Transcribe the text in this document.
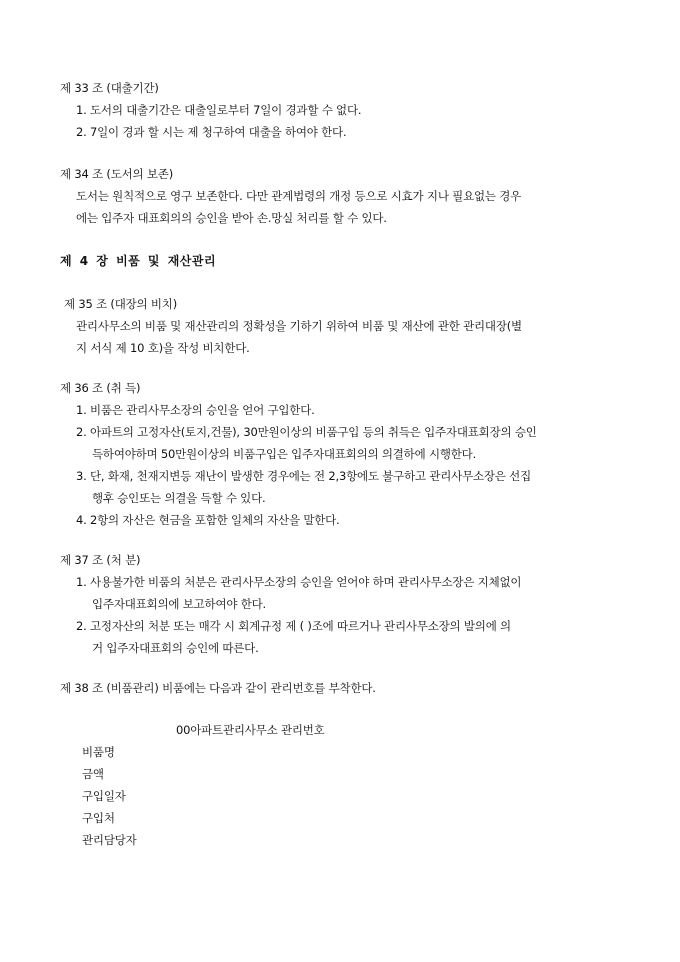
제 33 조 (대출기간)
1. 도서의 대출기간은 대출일로부터 7일이 경과할 수 없다.
2. 7일이 경과 할 시는 제 청구하여 대출을 하여야 한다.
제 34 조 (도서의 보존)
도서는 원칙적으로 영구 보존한다. 다만 관계법령의 개정 등으로 시효가 지나 필요없는 경우
에는 입주자 대표회의의 승인을 받아 손.망실 처리를 할 수 있다.
제 4 장 비품 및 재산관리
제 35 조 (대장의 비치)
관리사무소의 비품 및 재산관리의 정확성을 기하기 위하여 비품 및 재산에 관한 관리대장(별
지 서식 제 10 호)을 작성 비치한다.
제 36 조 (취 득)
1. 비품은 관리사무소장의 승인을 얻어 구입한다.
2. 아파트의 고정자산(토지,건물), 30만원이상의 비품구입 등의 취득은 입주자대표회장의 승인
득하여야하며 50만원이상의 비품구입은 입주자대표회의의 의결하에 시행한다.
3. 단, 화재, 천재지변등 재난이 발생한 경우에는 전 2,3항에도 불구하고 관리사무소장은 선집
행후 승인또는 의결을 득할 수 있다.
4. 2항의 자산은 현금을 포함한 일체의 자산을 말한다.
제 37 조 (처 분)
1. 사용불가한 비품의 처분은 관리사무소장의 승인을 얻어야 하며 관리사무소장은 지체없이
입주자대표회의에 보고하여야 한다.
2. 고정자산의 처분 또는 매각 시 회계규정 제 ( )조에 따르거나 관리사무소장의 발의에 의
거 입주자대표회의 승인에 따른다.
제 38 조 (비품관리) 비품에는 다음과 같이 관리번호를 부착한다.
00아파트관리사무소 관리번호
비품명
금액
구입일자
구입처
관리담당자
